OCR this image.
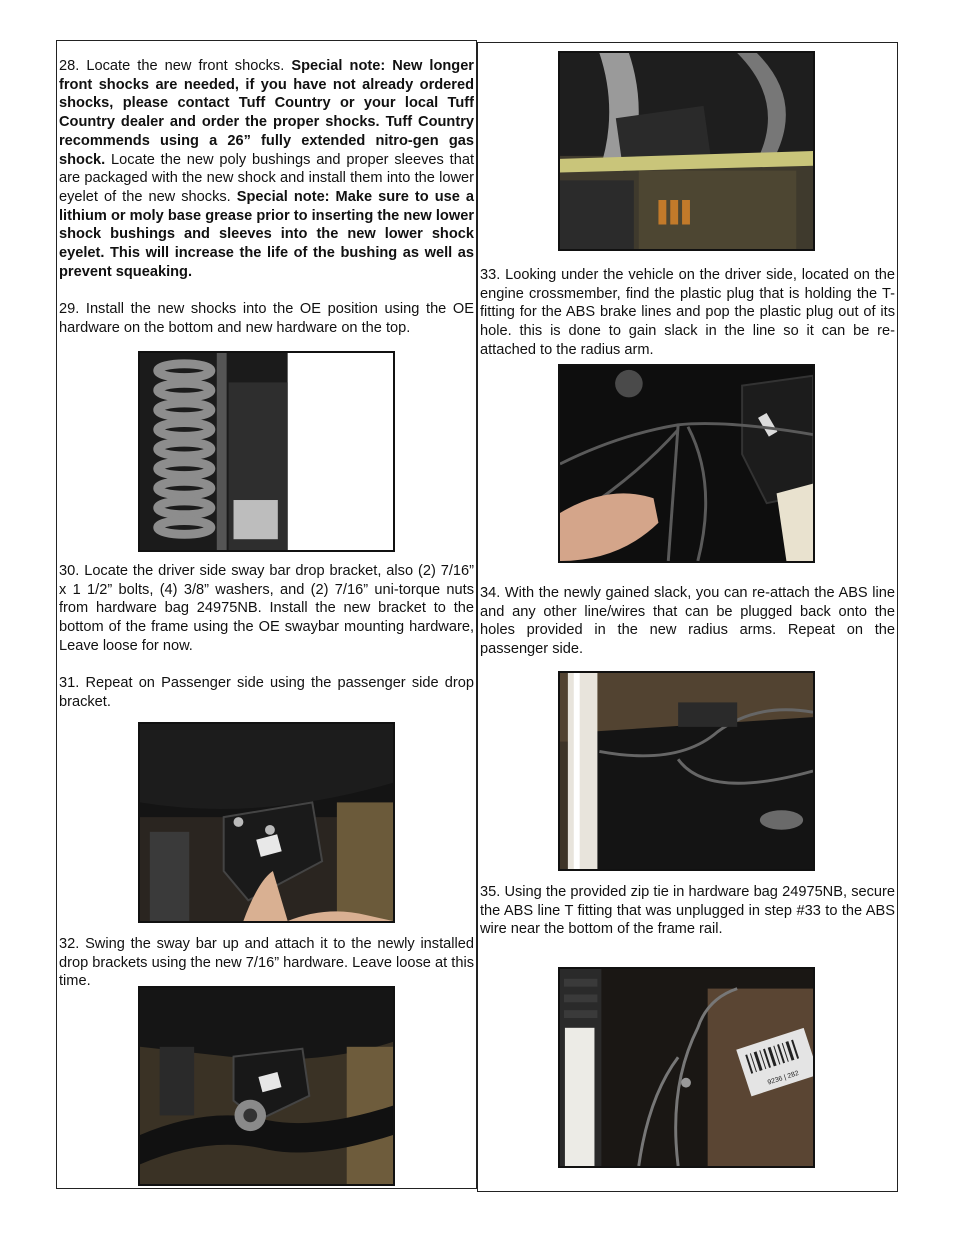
28. Locate the new front shocks. Special note: New longer front shocks are needed, if you have not already ordered shocks, please contact Tuff Country or your local Tuff Country dealer and order the proper shocks. Tuff Country recommends using a 26” fully extended nitro-gen gas shock. Locate the new poly bushings and proper sleeves that are packaged with the new shock and install them into the lower eyelet of the new shocks. Special note: Make sure to use a lithium or moly base grease prior to inserting the new lower shock bushings and sleeves into the new lower shock eyelet. This will increase the life of the bushing as well as prevent squeaking.

29. Install the new shocks into the OE position using the OE hardware on the bottom and new hardware on the top.

30. Locate the driver side sway bar drop bracket, also (2) 7/16” x 1 1/2” bolts, (4) 3/8” washers, and (2) 7/16” uni-torque nuts from hardware bag 24975NB. Install the new bracket to the bottom of the frame using the OE swaybar mounting hardware, Leave loose for now.

31. Repeat on Passenger side using the passenger side drop bracket.

32. Swing the sway bar up and attach it to the newly installed drop brackets using the new 7/16” hardware. Leave loose at this time.

33. Looking under the vehicle on the driver side, located on the engine crossmember, find the plastic plug that is holding the T-fitting for the ABS brake lines and pop the plastic plug out of its hole. this is done to gain slack in the line so it can be re-attached to the radius arm.

34. With the newly gained slack, you can re-attach the ABS line and any other line/wires that can be plugged back onto the holes provided in the new radius arms. Repeat on the passenger side.

35. Using the provided zip tie in hardware bag 24975NB, secure the ABS line T fitting that was unplugged in step #33 to the ABS wire near the bottom of the frame rail.

9236 | 282
